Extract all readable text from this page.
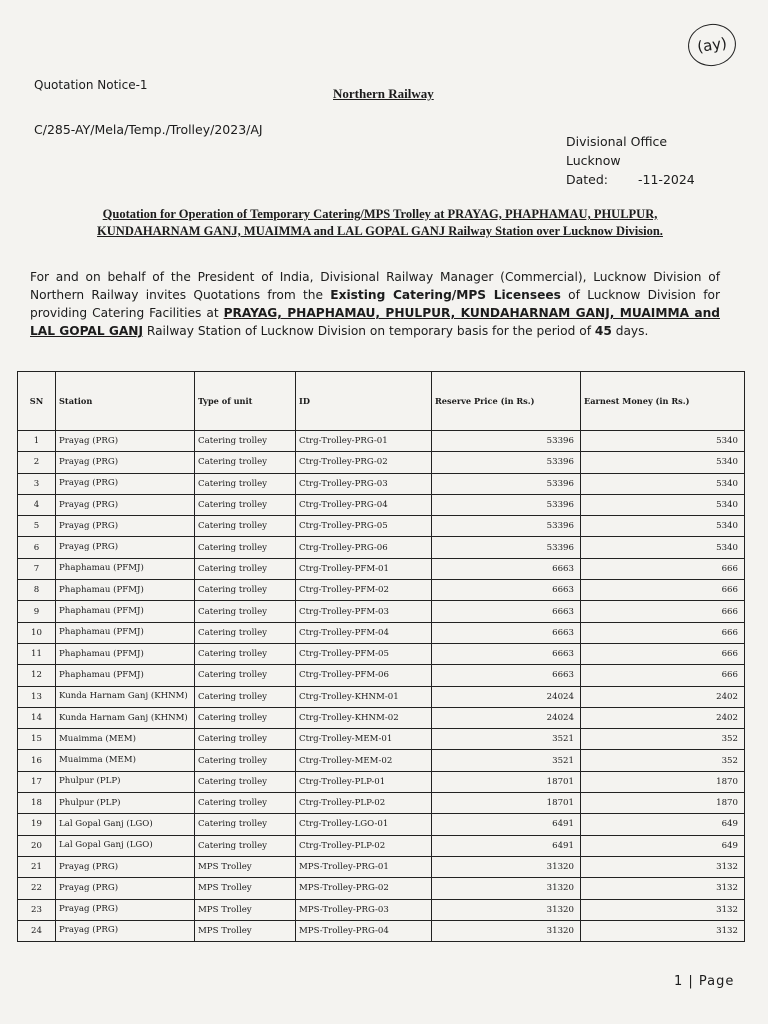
(ay)
Quotation Notice-1
Northern Railway
C/285-AY/Mela/Temp./Trolley/2023/AJ
Divisional Office
Lucknow
Dated: -11-2024
Quotation for Operation of Temporary Catering/MPS Trolley at PRAYAG, PHAPHAMAU, PHULPUR, KUNDAHARNAM GANJ, MUAIMMA and LAL GOPAL GANJ Railway Station over Lucknow Division.
For and on behalf of the President of India, Divisional Railway Manager (Commercial), Lucknow Division of Northern Railway invites Quotations from the Existing Catering/MPS Licensees of Lucknow Division for providing Catering Facilities at PRAYAG, PHAPHAMAU, PHULPUR, KUNDAHARNAM GANJ, MUAIMMA and LAL GOPAL GANJ Railway Station of Lucknow Division on temporary basis for the period of 45 days.
SN	Station	Type of unit	ID	Reserve Price (in Rs.)	Earnest Money (in Rs.)
1	Prayag (PRG)	Catering trolley	Ctrg-Trolley-PRG-01	53396	5340
2	Prayag (PRG)	Catering trolley	Ctrg-Trolley-PRG-02	53396	5340
3	Prayag (PRG)	Catering trolley	Ctrg-Trolley-PRG-03	53396	5340
4	Prayag (PRG)	Catering trolley	Ctrg-Trolley-PRG-04	53396	5340
5	Prayag (PRG)	Catering trolley	Ctrg-Trolley-PRG-05	53396	5340
6	Prayag (PRG)	Catering trolley	Ctrg-Trolley-PRG-06	53396	5340
7	Phaphamau (PFMJ)	Catering trolley	Ctrg-Trolley-PFM-01	6663	666
8	Phaphamau (PFMJ)	Catering trolley	Ctrg-Trolley-PFM-02	6663	666
9	Phaphamau (PFMJ)	Catering trolley	Ctrg-Trolley-PFM-03	6663	666
10	Phaphamau (PFMJ)	Catering trolley	Ctrg-Trolley-PFM-04	6663	666
11	Phaphamau (PFMJ)	Catering trolley	Ctrg-Trolley-PFM-05	6663	666
12	Phaphamau (PFMJ)	Catering trolley	Ctrg-Trolley-PFM-06	6663	666
13	Kunda Harnam Ganj (KHNM)	Catering trolley	Ctrg-Trolley-KHNM-01	24024	2402
14	Kunda Harnam Ganj (KHNM)	Catering trolley	Ctrg-Trolley-KHNM-02	24024	2402
15	Muaimma (MEM)	Catering trolley	Ctrg-Trolley-MEM-01	3521	352
16	Muaimma (MEM)	Catering trolley	Ctrg-Trolley-MEM-02	3521	352
17	Phulpur (PLP)	Catering trolley	Ctrg-Trolley-PLP-01	18701	1870
18	Phulpur (PLP)	Catering trolley	Ctrg-Trolley-PLP-02	18701	1870
19	Lal Gopal Ganj (LGO)	Catering trolley	Ctrg-Trolley-LGO-01	6491	649
20	Lal Gopal Ganj (LGO)	Catering trolley	Ctrg-Trolley-PLP-02	6491	649
21	Prayag (PRG)	MPS Trolley	MPS-Trolley-PRG-01	31320	3132
22	Prayag (PRG)	MPS Trolley	MPS-Trolley-PRG-02	31320	3132
23	Prayag (PRG)	MPS Trolley	MPS-Trolley-PRG-03	31320	3132
24	Prayag (PRG)	MPS Trolley	MPS-Trolley-PRG-04	31320	3132
1 | Page
